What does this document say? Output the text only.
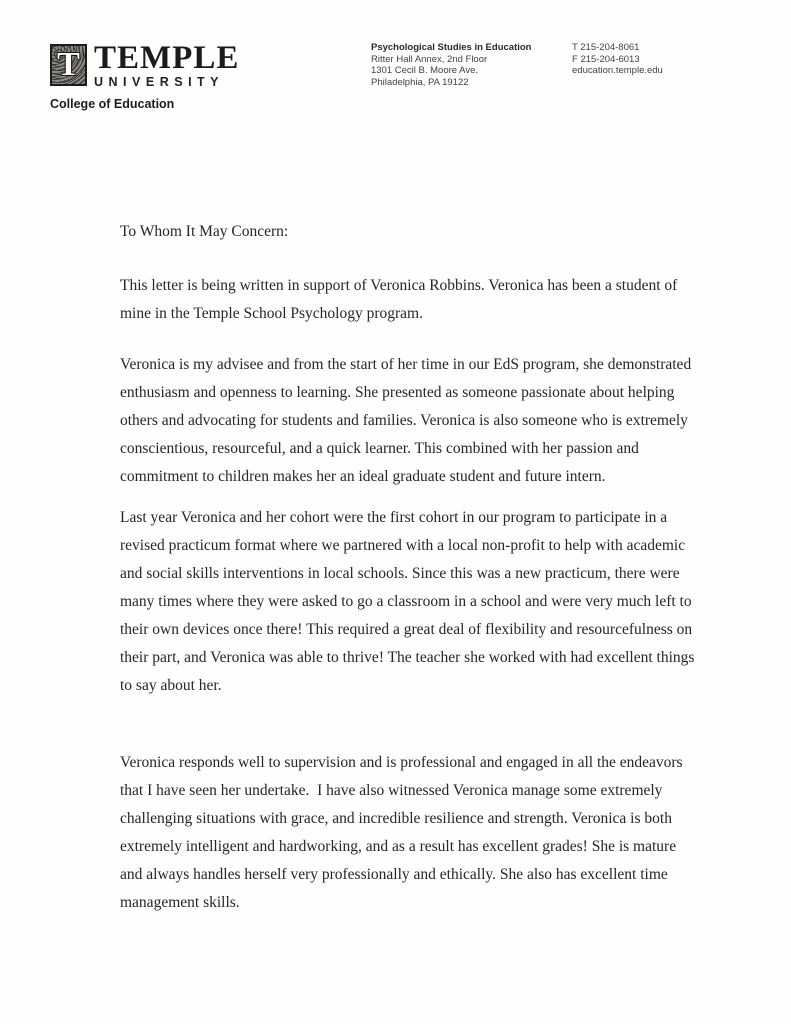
T TEMPLE
UNIVERSITY
College of Education
Psychological Studies in Education
Ritter Hall Annex, 2nd Floor
1301 Cecil B. Moore Ave.
Philadelphia, PA 19122
T 215-204-8061
F 215-204-6013
education.temple.edu
To Whom It May Concern:

This letter is being written in support of Veronica Robbins. Veronica has been a student of mine in the Temple School Psychology program.

Veronica is my advisee and from the start of her time in our EdS program, she demonstrated enthusiasm and openness to learning. She presented as someone passionate about helping others and advocating for students and families. Veronica is also someone who is extremely conscientious, resourceful, and a quick learner. This combined with her passion and commitment to children makes her an ideal graduate student and future intern.

Last year Veronica and her cohort were the first cohort in our program to participate in a revised practicum format where we partnered with a local non-profit to help with academic and social skills interventions in local schools. Since this was a new practicum, there were many times where they were asked to go a classroom in a school and were very much left to their own devices once there! This required a great deal of flexibility and resourcefulness on their part, and Veronica was able to thrive! The teacher she worked with had excellent things to say about her.

Veronica responds well to supervision and is professional and engaged in all the endeavors that I have seen her undertake.  I have also witnessed Veronica manage some extremely challenging situations with grace, and incredible resilience and strength. Veronica is both extremely intelligent and hardworking, and as a result has excellent grades! She is mature and always handles herself very professionally and ethically. She also has excellent time management skills.
